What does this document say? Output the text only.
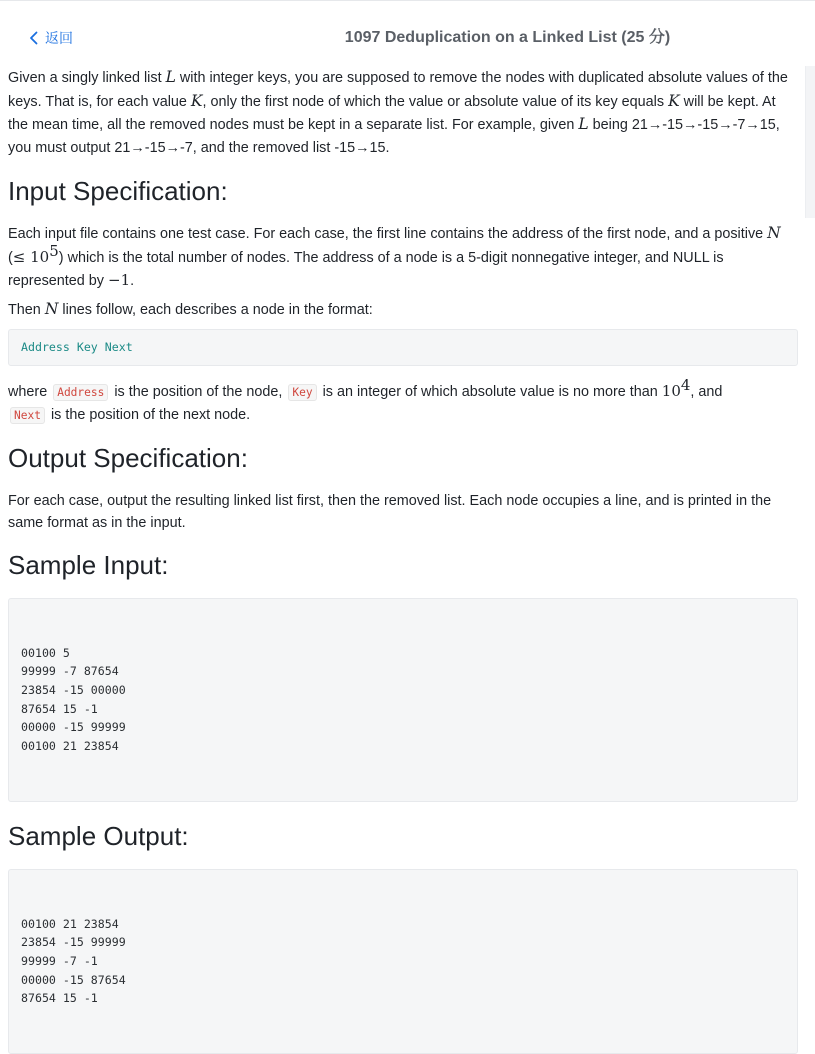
返回	1097 Deduplication on a Linked List (25 分)

Given a singly linked list L with integer keys, you are supposed to remove the nodes with duplicated absolute values of the keys. That is, for each value K, only the first node of which the value or absolute value of its key equals K will be kept. At the mean time, all the removed nodes must be kept in a separate list. For example, given L being 21→-15→-15→-7→15, you must output 21→-15→-7, and the removed list -15→15.

Input Specification:

Each input file contains one test case. For each case, the first line contains the address of the first node, and a positive N (≤ $10^5$) which is the total number of nodes. The address of a node is a 5-digit nonnegative integer, and NULL is represented by −1.

Then N lines follow, each describes a node in the format:

Address Key Next

where Address is the position of the node, Key is an integer of which absolute value is no more than $10^4$, and
Next is the position of the next node.

Output Specification:

For each case, output the resulting linked list first, then the removed list. Each node occupies a line, and is printed in the same format as in the input.

Sample Input:

00100 5
99999 -7 87654
23854 -15 00000
87654 15 -1
00000 -15 99999
00100 21 23854

Sample Output:

00100 21 23854
23854 -15 99999
99999 -7 -1
00000 -15 87654
87654 15 -1
